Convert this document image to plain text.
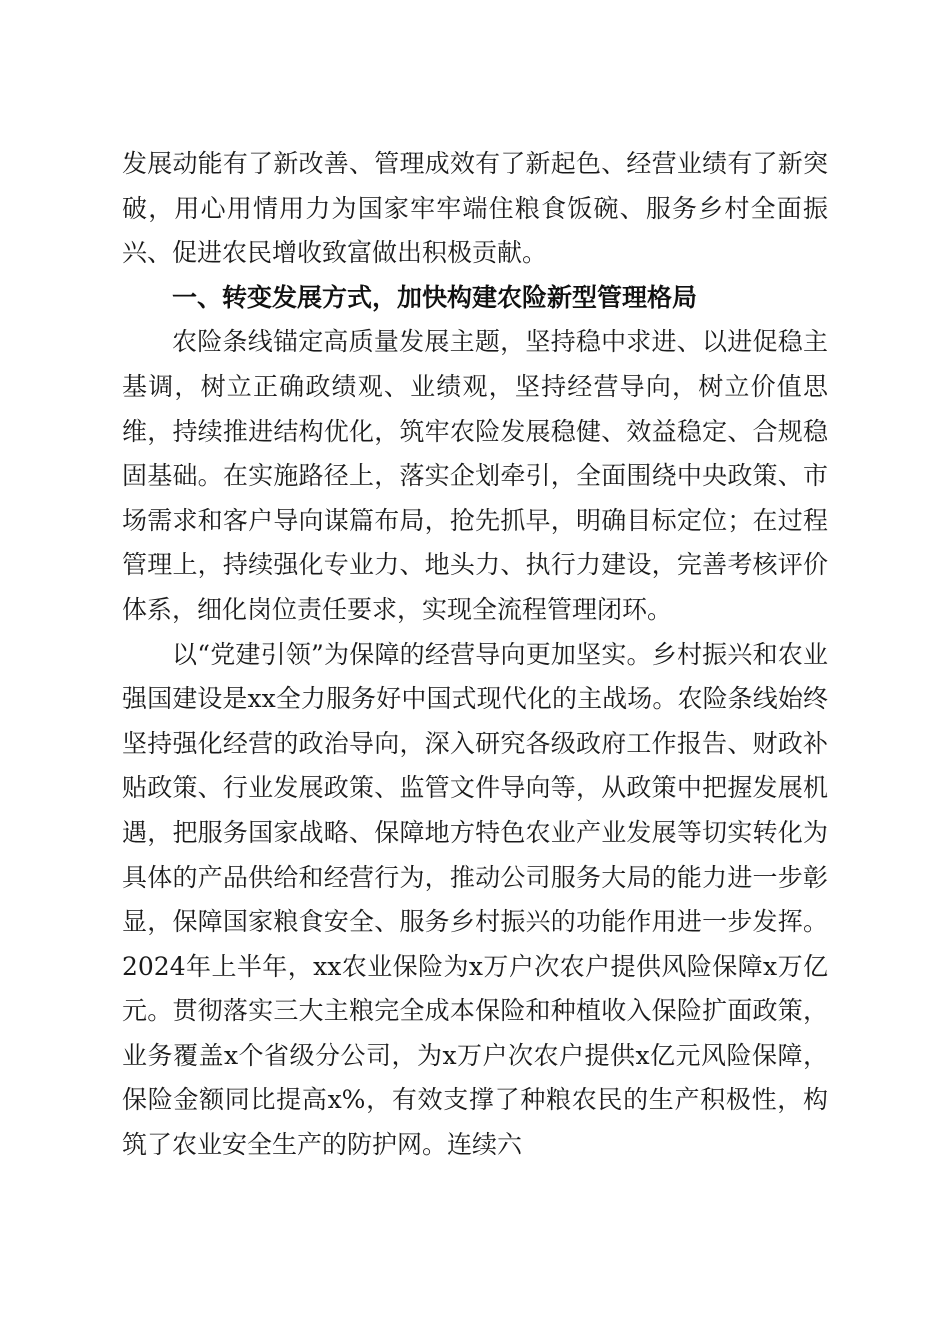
发展动能有了新改善、管理成效有了新起色、经营业绩有了新突破，用心用情用力为国家牢牢端住粮食饭碗、服务乡村全面振兴、促进农民增收致富做出积极贡献。

一、转变发展方式，加快构建农险新型管理格局

农险条线锚定高质量发展主题，坚持稳中求进、以进促稳主基调，树立正确政绩观、业绩观，坚持经营导向，树立价值思维，持续推进结构优化，筑牢农险发展稳健、效益稳定、合规稳固基础。在实施路径上，落实企划牵引，全面围绕中央政策、市场需求和客户导向谋篇布局，抢先抓早，明确目标定位；在过程管理上，持续强化专业力、地头力、执行力建设，完善考核评价体系，细化岗位责任要求，实现全流程管理闭环。

以“党建引领”为保障的经营导向更加坚实。乡村振兴和农业强国建设是xx全力服务好中国式现代化的主战场。农险条线始终坚持强化经营的政治导向，深入研究各级政府工作报告、财政补贴政策、行业发展政策、监管文件导向等，从政策中把握发展机遇，把服务国家战略、保障地方特色农业产业发展等切实转化为具体的产品供给和经营行为，推动公司服务大局的能力进一步彰显，保障国家粮食安全、服务乡村振兴的功能作用进一步发挥。2024年上半年，xx农业保险为x万户次农户提供风险保障x万亿元。贯彻落实三大主粮完全成本保险和种植收入保险扩面政策，业务覆盖x个省级分公司，为x万户次农户提供x亿元风险保障，保险金额同比提高x%，有效支撑了种粮农民的生产积极性，构筑了农业安全生产的防护网。连续六
